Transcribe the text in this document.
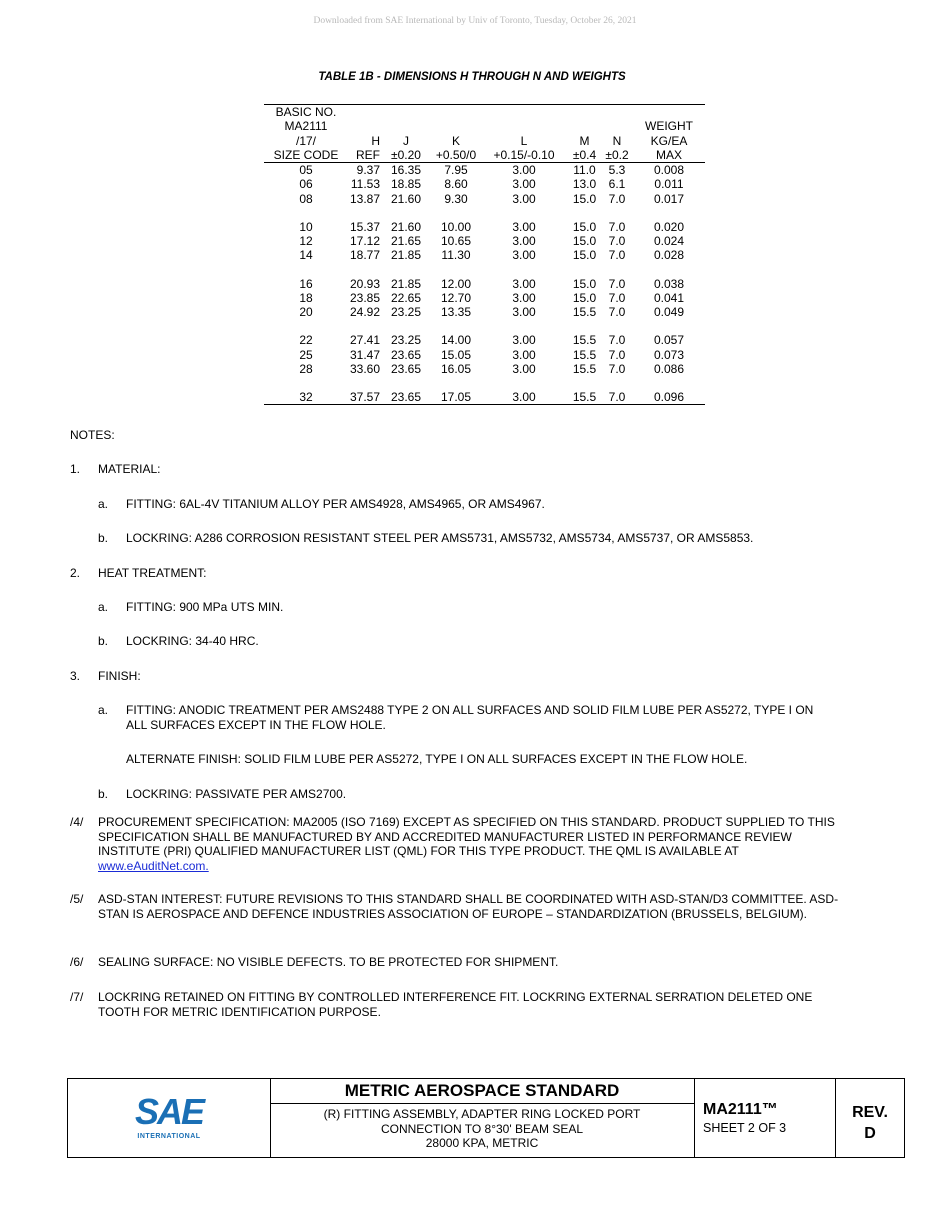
Downloaded from SAE International by Univ of Toronto, Tuesday, October 26, 2021
TABLE 1B - DIMENSIONS H THROUGH N AND WEIGHTS
BASIC NO.							
MA2111							WEIGHT
/17/	H	J	K	L	M	N	KG/EA
SIZE CODE	REF	±0.20	+0.50/0	+0.15/-0.10	±0.4	±0.2	MAX
05	9.37	16.35	7.95	3.00	11.0	5.3	0.008
06	11.53	18.85	8.60	3.00	13.0	6.1	0.011
08	13.87	21.60	9.30	3.00	15.0	7.0	0.017

10	15.37	21.60	10.00	3.00	15.0	7.0	0.020
12	17.12	21.65	10.65	3.00	15.0	7.0	0.024
14	18.77	21.85	11.30	3.00	15.0	7.0	0.028

16	20.93	21.85	12.00	3.00	15.0	7.0	0.038
18	23.85	22.65	12.70	3.00	15.0	7.0	0.041
20	24.92	23.25	13.35	3.00	15.5	7.0	0.049

22	27.41	23.25	14.00	3.00	15.5	7.0	0.057
25	31.47	23.65	15.05	3.00	15.5	7.0	0.073
28	33.60	23.65	16.05	3.00	15.5	7.0	0.086

32	37.57	23.65	17.05	3.00	15.5	7.0	0.096
NOTES:
1. MATERIAL:
a. FITTING: 6AL-4V TITANIUM ALLOY PER AMS4928, AMS4965, OR AMS4967.
b. LOCKRING: A286 CORROSION RESISTANT STEEL PER AMS5731, AMS5732, AMS5734, AMS5737, OR AMS5853.
2. HEAT TREATMENT:
a. FITTING: 900 MPa UTS MIN.
b. LOCKRING: 34-40 HRC.
3. FINISH:
a. FITTING: ANODIC TREATMENT PER AMS2488 TYPE 2 ON ALL SURFACES AND SOLID FILM LUBE PER AS5272, TYPE I ON ALL SURFACES EXCEPT IN THE FLOW HOLE.
ALTERNATE FINISH: SOLID FILM LUBE PER AS5272, TYPE I ON ALL SURFACES EXCEPT IN THE FLOW HOLE.
b. LOCKRING: PASSIVATE PER AMS2700.
/4/ PROCUREMENT SPECIFICATION: MA2005 (ISO 7169) EXCEPT AS SPECIFIED ON THIS STANDARD. PRODUCT SUPPLIED TO THIS SPECIFICATION SHALL BE MANUFACTURED BY AND ACCREDITED MANUFACTURER LISTED IN PERFORMANCE REVIEW INSTITUTE (PRI) QUALIFIED MANUFACTURER LIST (QML) FOR THIS TYPE PRODUCT. THE QML IS AVAILABLE AT www.eAuditNet.com.
/5/ ASD-STAN INTEREST: FUTURE REVISIONS TO THIS STANDARD SHALL BE COORDINATED WITH ASD-STAN/D3 COMMITTEE. ASD-STAN IS AEROSPACE AND DEFENCE INDUSTRIES ASSOCIATION OF EUROPE – STANDARDIZATION (BRUSSELS, BELGIUM).
/6/ SEALING SURFACE: NO VISIBLE DEFECTS. TO BE PROTECTED FOR SHIPMENT.
/7/ LOCKRING RETAINED ON FITTING BY CONTROLLED INTERFERENCE FIT. LOCKRING EXTERNAL SERRATION DELETED ONE TOOTH FOR METRIC IDENTIFICATION PURPOSE.
SAE
INTERNATIONAL
METRIC AEROSPACE STANDARD
(R) FITTING ASSEMBLY, ADAPTER RING LOCKED PORT
CONNECTION TO 8°30' BEAM SEAL
28000 KPA, METRIC
MA2111™
SHEET 2 OF 3
REV.
D
